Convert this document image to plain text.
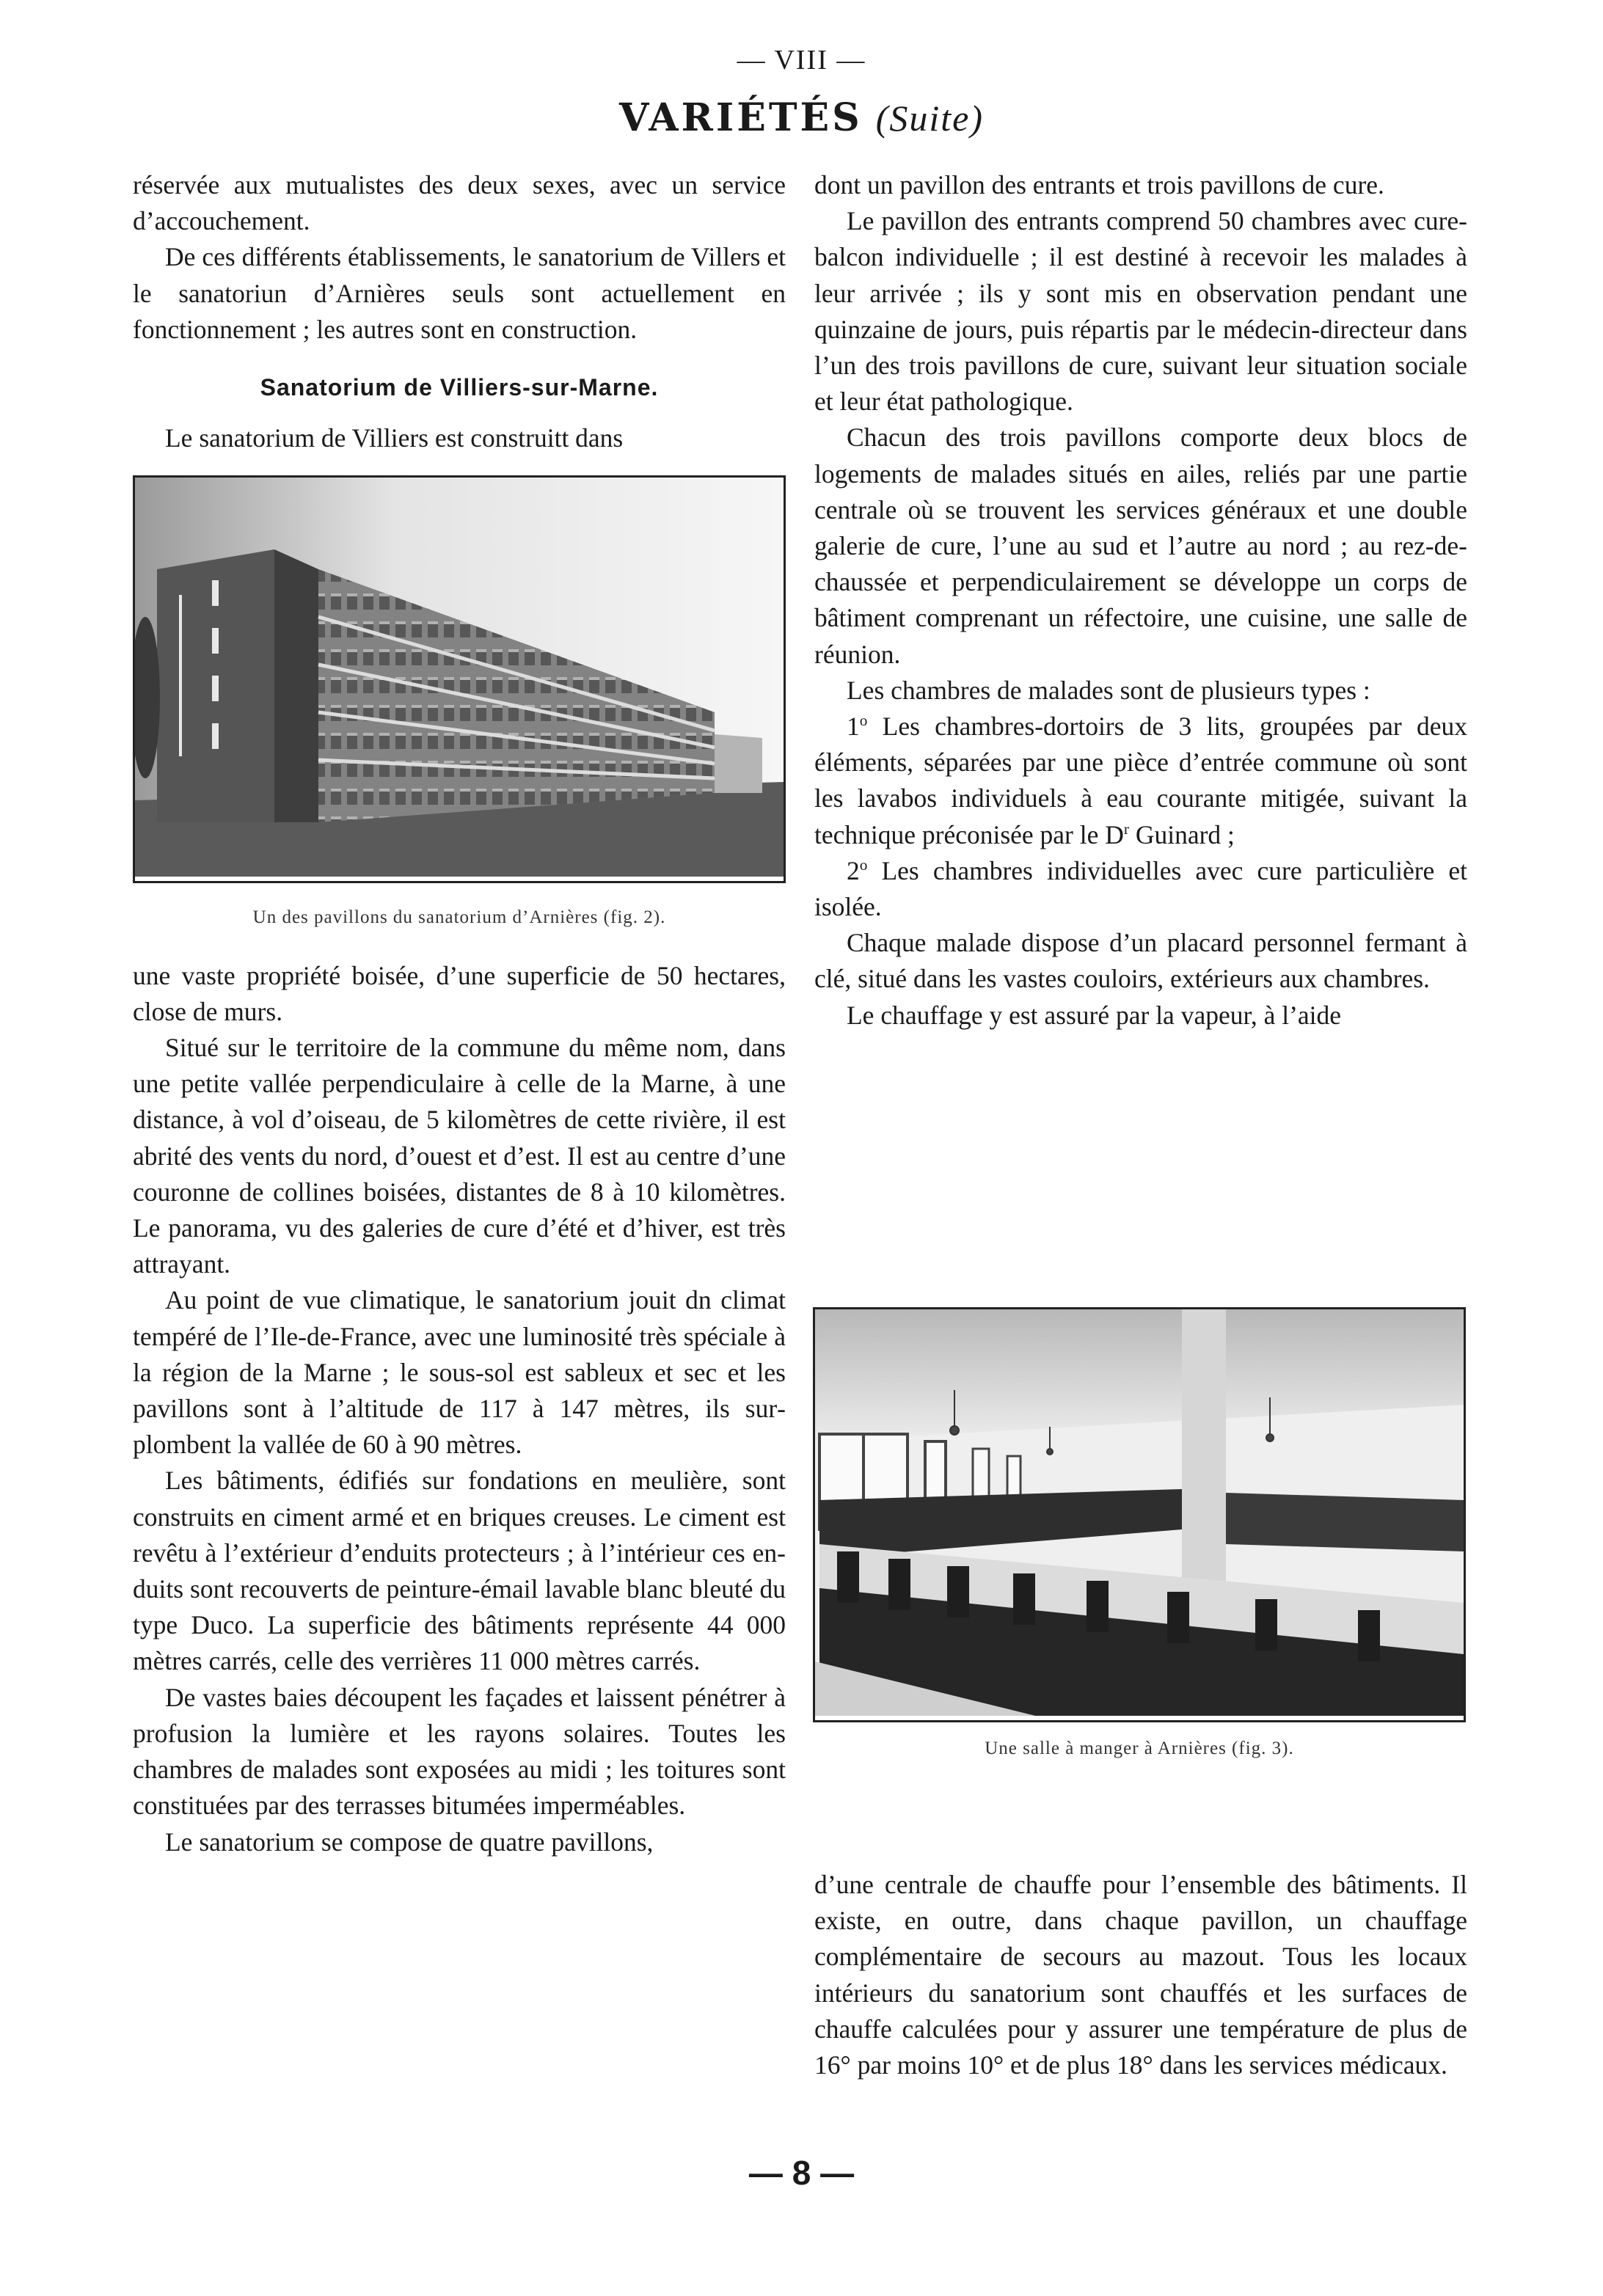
— VIII —
VARIÉTÉS (Suite)

réservée aux mutualistes des deux sexes, avec un service d’accouchement.

De ces différents établissements, le sanatorium de Villers et le sanatoriun d’Arnières seuls sont actuellement en fonctionnement ; les autres sont en construction.

Sanatorium de Villiers-sur-Marne.

Le sanatorium de Villiers est construitt dans

Un des pavillons du sanatorium d’Arnières (fig. 2).

une vaste propriété boisée, d’une superficie de 50 hectares, close de murs.

Situé sur le territoire de la commune du même nom, dans une petite vallée perpendiculaire à celle de la Marne, à une distance, à vol d’oiseau, de 5 kilomètres de cette rivière, il est abrité des vents du nord, d’ouest et d’est. Il est au centre d’une couronne de collines boisées, distantes de 8 à 10 kilomètres. Le panorama, vu des galeries de cure d’été et d’hiver, est très attrayant.

Au point de vue climatique, le sanatorium jouit dn climat tempéré de l’Ile-de-France, avec une luminosité très spéciale à la région de la Marne ; le sous-sol est sableux et sec et les pavillons sont à l’altitude de 117 à 147 mètres, ils surplombent la vallée de 60 à 90 mètres.

Les bâtiments, édifiés sur fondations en meulière, sont construits en ciment armé et en briques creuses. Le ciment est revêtu à l’extérieur d’enduits protecteurs ; à l’intérieur ces enduits sont recouverts de peinture-émail lavable blanc bleuté du type Duco. La superficie des bâtiments représente 44 000 mètres carrés, celle des verrières 11 000 mètres carrés.

De vastes baies découpent les façades et laissent pénétrer à profusion la lumière et les rayons solaires. Toutes les chambres de malades sont exposées au midi ; les toitures sont constituées par des terrasses bitumées imperméables.

Le sanatorium se compose de quatre pavillons,

dont un pavillon des entrants et trois pavillons de cure.

Le pavillon des entrants comprend 50 chambres avec cure-balcon individuelle ; il est destiné à recevoir les malades à leur arrivée ; ils y sont mis en observation pendant une quinzaine de jours, puis répartis par le médecin-directeur dans l’un des trois pavillons de cure, suivant leur situation sociale et leur état pathologique.

Chacun des trois pavillons comporte deux blocs de logements de malades situés en ailes, reliés par une partie centrale où se trouvent les services généraux et une double galerie de cure, l’une au sud et l’autre au nord ; au rez-de-chaussée et perpendiculairement se développe un corps de bâtiment comprenant un réfectoire, une cuisine, une salle de réunion.

Les chambres de malades sont de plusieurs types :

1$^o$ Les chambres-dortoirs de 3 lits, groupées par deux éléments, séparées par une pièce d’entrée commune où sont les lavabos individuels à eau courante mitigée, suivant la technique préconisée par le $D^r$ Guinard ;

2$^o$ Les chambres individuelles avec cure particulière et isolée.

Chaque malade dispose d’un placard personnel fermant à clé, situé dans les vastes couloirs, extérieurs aux chambres.

Le chauffage y est assuré par la vapeur, à l’aide

Une salle à manger à Arnières (fig. 3).

d’une centrale de chauffe pour l’ensemble des bâtiments. Il existe, en outre, dans chaque pavillon, un chauffage complémentaire de secours au mazout. Tous les locaux intérieurs du sanatorium sont chauffés et les surfaces de chauffe calculées pour y assurer une température de plus de 16° par moins 10° et de plus 18° dans les services médicaux.

— 8 —
